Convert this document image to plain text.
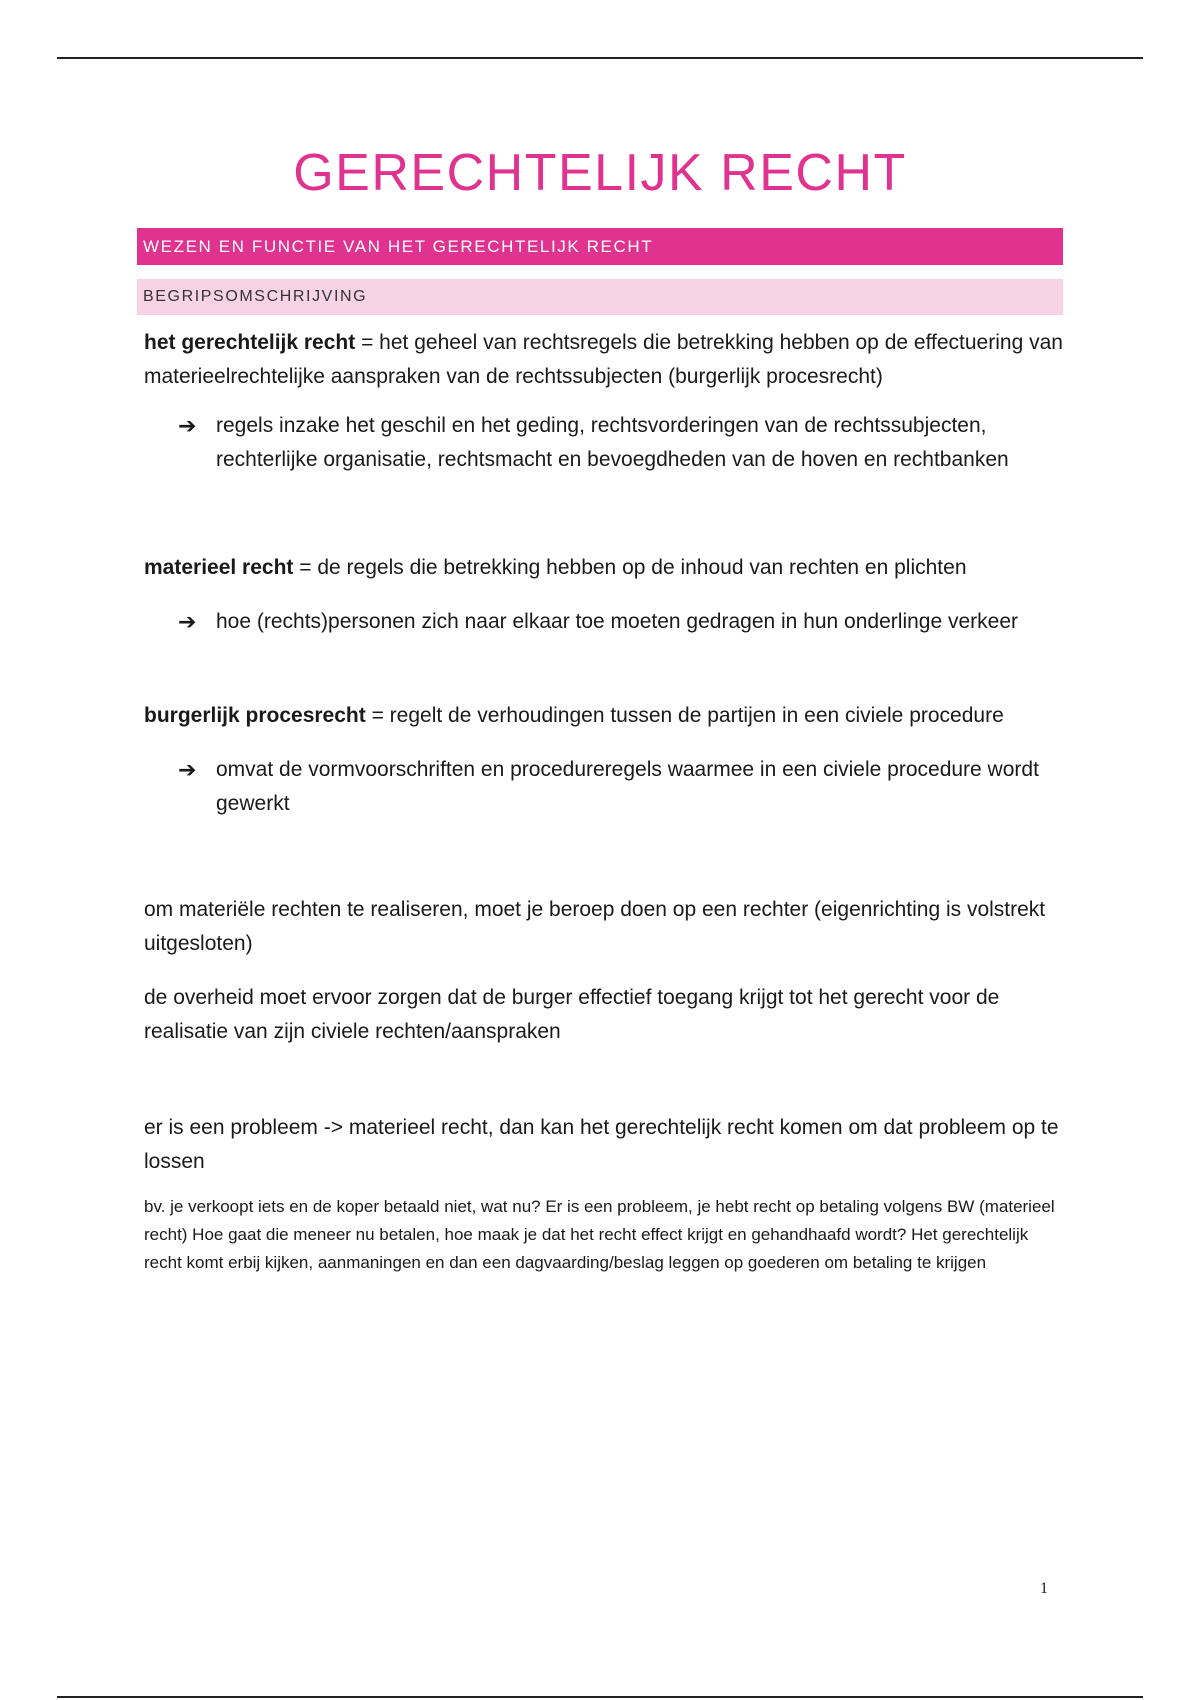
GERECHTELIJK RECHT
WEZEN EN FUNCTIE VAN HET GERECHTELIJK RECHT
BEGRIPSOMSCHRIJVING

het gerechtelijk recht = het geheel van rechtsregels die betrekking hebben op de effectuering van materieelrechtelijke aanspraken van de rechtssubjecten (burgerlijk procesrecht)

➔ regels inzake het geschil en het geding, rechtsvorderingen van de rechtssubjecten, rechterlijke organisatie, rechtsmacht en bevoegdheden van de hoven en rechtbanken

materieel recht = de regels die betrekking hebben op de inhoud van rechten en plichten

➔ hoe (rechts)personen zich naar elkaar toe moeten gedragen in hun onderlinge verkeer

burgerlijk procesrecht = regelt de verhoudingen tussen de partijen in een civiele procedure

➔ omvat de vormvoorschriften en procedureregels waarmee in een civiele procedure wordt gewerkt

om materiële rechten te realiseren, moet je beroep doen op een rechter (eigenrichting is volstrekt uitgesloten)

de overheid moet ervoor zorgen dat de burger effectief toegang krijgt tot het gerecht voor de realisatie van zijn civiele rechten/aanspraken

er is een probleem -> materieel recht, dan kan het gerechtelijk recht komen om dat probleem op te lossen

bv. je verkoopt iets en de koper betaald niet, wat nu? Er is een probleem, je hebt recht op betaling volgens BW (materieel recht) Hoe gaat die meneer nu betalen, hoe maak je dat het recht effect krijgt en gehandhaafd wordt? Het gerechtelijk recht komt erbij kijken, aanmaningen en dan een dagvaarding/beslag leggen op goederen om betaling te krijgen

1
